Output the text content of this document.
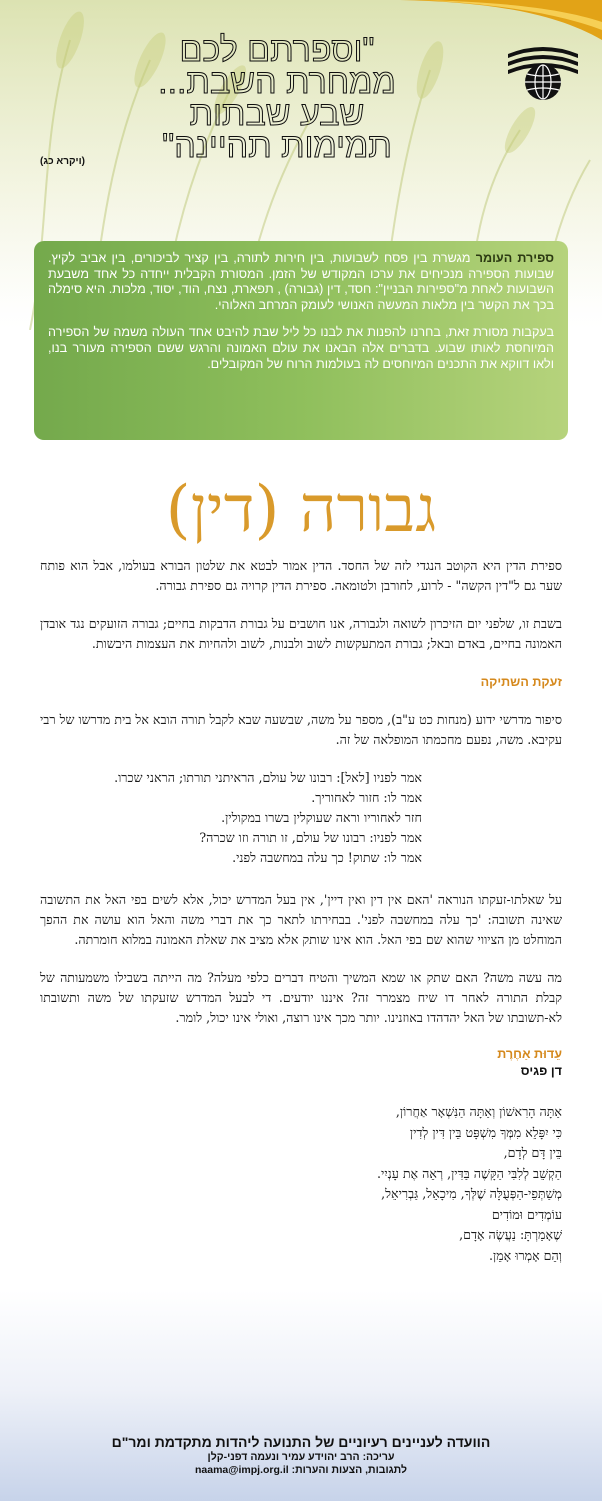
"וספרתם לכם
ממחרת השבת...
שבע שבתות
תמימות תהיינה"
(ויקרא כג)

ספירת העומר מגשרת בין פסח לשבועות, בין חירות לתורה, בין קציר לביכורים, בין אביב לקיץ. שבועות הספירה מנכיחים את ערכו המקודש של הזמן. המסורת הקבלית ייחדה כל אחד משבעת השבועות לאחת מ"ספירות הבניין": חסד, דין (גבורה) , תפארת, נצח, הוד, יסוד, מלכות. היא סימלה בכך את הקשר בין מלאות המעשה האנושי לעומק המרחב האלוהי.

בעקבות מסורת זאת, בחרנו להפנות את לבנו כל ליל שבת להיבט אחד העולה משמה של הספירה המיוחסת לאותו שבוע. בדברים אלה הבאנו את עולם האמונה והרגש ששם הספירה מעורר בנו, ולאו דווקא את התכנים המיוחסים לה בעולמות הרוח של המקובלים.

גבורה (דין)

ספירת הדין היא הקוטב הנגדי לזה של החסד. הדין אמור לבטא את שלטון הבורא בעולמו, אבל הוא פותח שער גם ל"דין הקשה" - לרוע, לחורבן ולטומאה. ספירת הדין קרויה גם ספירת גבורה.

בשבת זו, שלפני יום הזיכרון לשואה ולגבורה, אנו חושבים על גבורת הדבקות בחיים; גבורה הזועקים נגד אובדן האמונה בחיים, באדם ובאל; גבורת המתעקשות לשוב ולבנות, לשוב ולהחיות את העצמות היבשות.

זעקת השתיקה

סיפור מדרשי ידוע (מנחות כט ע"ב), מספר על משה, שבשעה שבא לקבל תורה הובא אל בית מדרשו של רבי עקיבא. משה, נפעם מחכמתו המופלאה של זה.

אמר לפניו [לאל]: רבונו של עולם, הראיתני תורתו; הראני שכרו.
אמר לו: חזור לאחוריך.
חזר לאחוריו וראה שעוקלין בשרו במקולין.
אמר לפניו: רבונו של עולם, זו תורה וזו שכרה?
אמר לו: שתוק! כך עלה במחשבה לפני.

על שאלתו-זעקתו הנוראה 'האם אין דין ואין דיין', אין בעל המדרש יכול, אלא לשים בפי האל את התשובה שאינה תשובה: 'כך עלה במחשבה לפני'. בבחירתו לתאר כך את דברי משה והאל הוא עושה את ההפך המוחלט מן הציווי שהוא שם בפי האל. הוא אינו שותק אלא מציב את שאלת האמונה במלוא חומרתה.

מה עשה משה? האם שתק או שמא המשיך והטיח דברים כלפי מעלה? מה הייתה בשבילו משמעותה של קבלת התורה לאחר דו שיח מצמרר זה? איננו יודעים. די לבעל המדרש שזעקתו של משה ותשובתו לא-תשובתו של האל יהדהדו באוזנינו. יותר מכך אינו רוצה, ואולי אינו יכול, לומר.

עֵדוּת אַחֶרֶת
דן פגיס
אַתָּה הָרִאשׁוֹן וְאַתָּה הַנִּשְׁאָר אַחֲרוֹן,
כִּי יִפָּלֵא מִמְּךָ מִשְׁפָּט בֵּין דִּין לְדִין
בֵּין דָּם לְדָם,
הַקְשֵׁב לְלִבִּי הַקָּשֶׁה בַּדִּין, רְאֵה אֶת עָנְיִי.
מְשַׁתְּפֵי-הַפְּעֻלָּה שֶׁלְּךָ, מִיכָאֵל, גַּבְרִיאֵל,
עוֹמְדִים וּמוֹדִים
שֶׁאָמַרְתָּ: נַעֲשֶׂה אָדָם,
וְהֵם אָמְרוּ אָמֵן.
הוועדה לעניינים רעיוניים של התנועה ליהדות מתקדמת ומר"ם
עריכה: הרב יהוידע עמיר ונעמה דפני-קלן
לתגובות, הצעות והערות: naama@impj.org.il
